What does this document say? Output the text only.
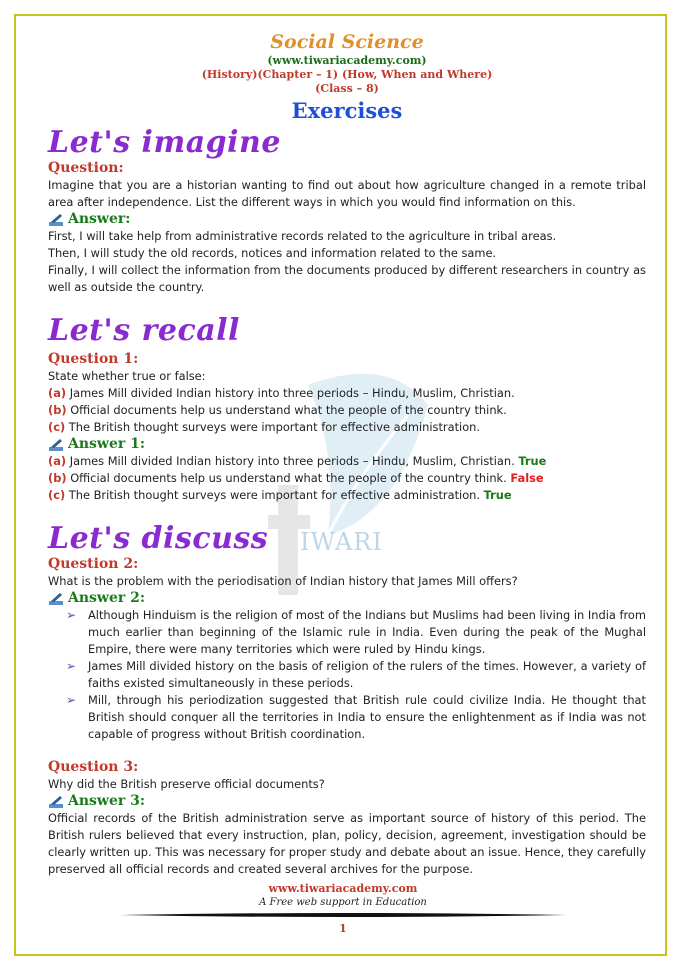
IWARI
Social Science
(www.tiwariacademy.com)
(History)(Chapter – 1) (How, When and Where)
(Class – 8)
Exercises
Let's imagine
Question:
Imagine that you are a historian wanting to find out about how agriculture changed in a remote tribal area after independence. List the different ways in which you would find information on this.
Answer:
First, I will take help from administrative records related to the agriculture in tribal areas.
Then, I will study the old records, notices and information related to the same.
Finally, I will collect the information from the documents produced by different researchers in country as well as outside the country.
Let's recall
Question 1:
State whether true or false:
(a) James Mill divided Indian history into three periods – Hindu, Muslim, Christian.
(b) Official documents help us understand what the people of the country think.
(c) The British thought surveys were important for effective administration.
Answer 1:
(a) James Mill divided Indian history into three periods – Hindu, Muslim, Christian. True
(b) Official documents help us understand what the people of the country think. False
(c) The British thought surveys were important for effective administration. True
Let's discuss
Question 2:
What is the problem with the periodisation of Indian history that James Mill offers?
Answer 2:
➢ Although Hinduism is the religion of most of the Indians but Muslims had been living in India from much earlier than beginning of the Islamic rule in India. Even during the peak of the Mughal Empire, there were many territories which were ruled by Hindu kings.
➢ James Mill divided history on the basis of religion of the rulers of the times. However, a variety of faiths existed simultaneously in these periods.
➢ Mill, through his periodization suggested that British rule could civilize India. He thought that British should conquer all the territories in India to ensure the enlightenment as if India was not capable of progress without British coordination.
Question 3:
Why did the British preserve official documents?
Answer 3:
Official records of the British administration serve as important source of history of this period. The British rulers believed that every instruction, plan, policy, decision, agreement, investigation should be clearly written up. This was necessary for proper study and debate about an issue. Hence, they carefully preserved all official records and created several archives for the purpose.
www.tiwariacademy.com
A Free web support in Education
1
